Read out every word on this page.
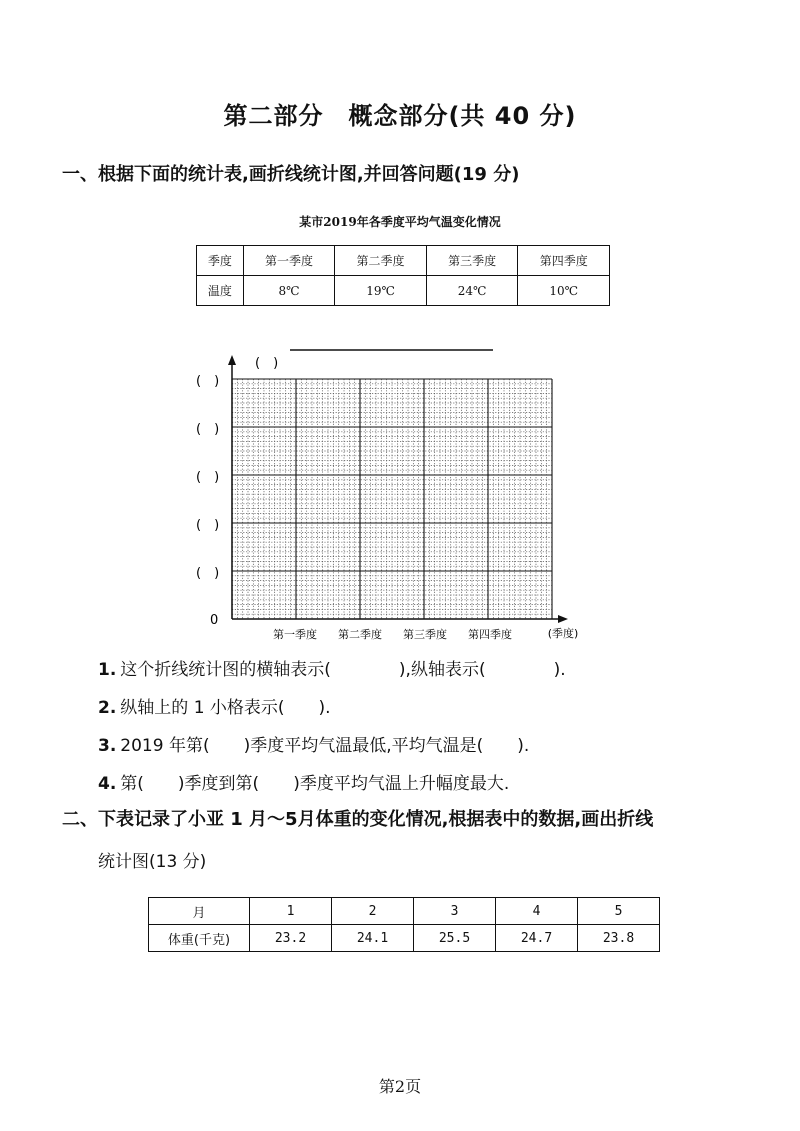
第二部分　概念部分(共 40 分)
一、根据下面的统计表,画折线统计图,并回答问题(19 分)
某市2019年各季度平均气温变化情况
季度	第一季度	第二季度	第三季度	第四季度
温度	8℃	19℃	24℃	10℃
(　)
(　)
(　)
(　)
(　)
(　)
0
第一季度 第二季度 第三季度 第四季度	(季度)
1. 这个折线统计图的横轴表示(　　　　),纵轴表示(　　　　).
2. 纵轴上的 1 小格表示(　　).
3. 2019 年第(　　)季度平均气温最低,平均气温是(　　).
4. 第(　　)季度到第(　　)季度平均气温上升幅度最大.
二、下表记录了小亚 1 月～5月体重的变化情况,根据表中的数据,画出折线
统计图(13 分)
月	1	2	3	4	5
体重(千克)	23.2	24.1	25.5	24.7	23.8
第2页
